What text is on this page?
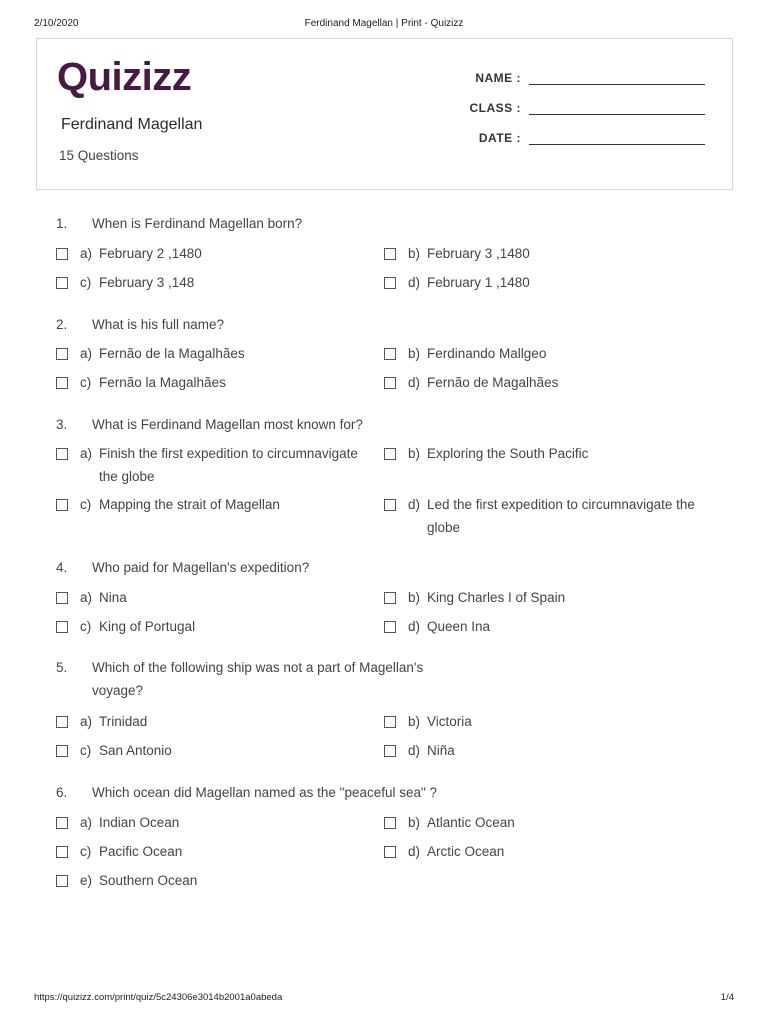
2/10/2020	Ferdinand Magellan | Print - Quizizz
Quizizz
Ferdinand Magellan
15 Questions
NAME :
CLASS :
DATE :
1.	When is Ferdinand Magellan born?
a) February 2 ,1480	b) February 3 ,1480
c) February 3 ,148	d) February 1 ,1480
2.	What is his full name?
a) Fernão de la Magalhães	b) Ferdinando Mallgeo
c) Fernão la Magalhães	d) Fernão de Magalhães
3.	What is Ferdinand Magellan most known for?
a) Finish the first expedition to circumnavigate the globe
b) Exploring the South Pacific
c) Mapping the strait of Magellan	d) Led the first expedition to circumnavigate the globe
4.	Who paid for Magellan's expedition?
a) Nina	b) King Charles I of Spain
c) King of Portugal	d) Queen Ina
5.	Which of the following ship was not a part of Magellan's voyage?
a) Trinidad	b) Victoria
c) San Antonio	d) Niña
6.	Which ocean did Magellan named as the "peaceful sea" ?
a) Indian Ocean	b) Atlantic Ocean
c) Pacific Ocean	d) Arctic Ocean
e) Southern Ocean
https://quizizz.com/print/quiz/5c24306e3014b2001a0abeda	1/4
